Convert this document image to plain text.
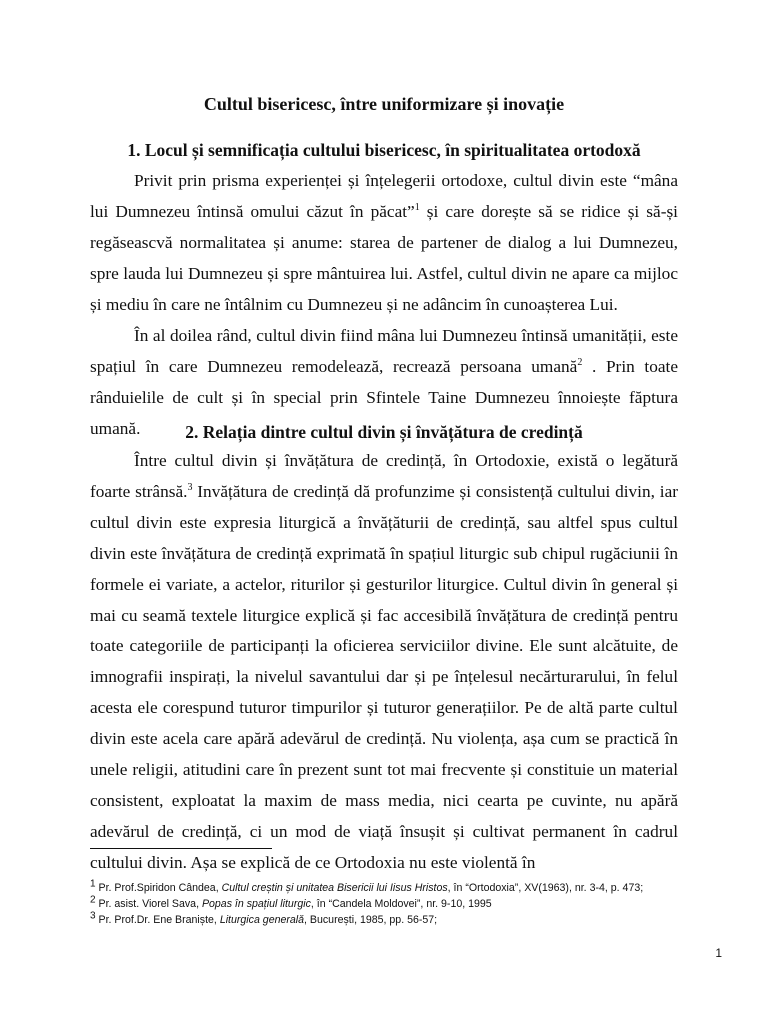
Cultul bisericesc, între uniformizare și inovație
1. Locul și semnificația cultului bisericesc, în spiritualitatea ortodoxă

Privit prin prisma experienței și înțelegerii ortodoxe, cultul divin este “mâna lui Dumnezeu întinsă omului căzut în păcat”$^1$ și care dorește să se ridice și să-și regăseascvă normalitatea și anume: starea de partener de dialog a lui Dumnezeu, spre lauda lui Dumnezeu și spre mântuirea lui. Astfel, cultul divin ne apare ca mijloc și mediu în care ne întâlnim cu Dumnezeu și ne adâncim în cunoașterea Lui.

În al doilea rând, cultul divin fiind mâna lui Dumnezeu întinsă umanității, este spațiul în care Dumnezeu remodelează, recrează persoana umană$^2$ . Prin toate rânduielile de cult și în special prin Sfintele Taine Dumnezeu înnoiește făptura umană.	2. Relația dintre cultul divin și învățătura de credință

Între cultul divin și învățătura de credință, în Ortodoxie, există o legătură foarte strânsă.$^3$ Invățătura de credință dă profunzime și consistență cultului divin, iar cultul divin este expresia liturgică a învățăturii de credință, sau altfel spus cultul divin este învățătura de credință exprimată în spațiul liturgic sub chipul rugăciunii în formele ei variate, a actelor, riturilor și gesturilor liturgice. Cultul divin în general și mai cu seamă textele liturgice explică și fac accesibilă învățătura de credință pentru toate categoriile de participanți la oficierea serviciilor divine. Ele sunt alcătuite, de imnografii inspirați, la nivelul savantului dar și pe înțelesul necărturarului, în felul acesta ele corespund tuturor timpurilor și tuturor generațiilor. Pe de altă parte cultul divin este acela care apără adevărul de credință. Nu violența, așa cum se practică în unele religii, atitudini care în prezent sunt tot mai frecvente și constituie un material consistent, exploatat la maxim de mass media, nici cearta pe cuvinte, nu apără adevărul de credință, ci un mod de viață însușit și cultivat permanent în cadrul cultului divin. Așa se explică de ce Ortodoxia nu este violentă în

$^1$ Pr. Prof.Spiridon Cândea, Cultul creștin și unitatea Bisericii lui Iisus Hristos, în “Ortodoxia”, XV(1963), nr. 3-4, p. 473;
$^2$ Pr. asist. Viorel Sava, Popas în spațiul liturgic, în “Candela Moldovei”, nr. 9-10, 1995
$^3$ Pr. Prof.Dr. Ene Braniște, Liturgica generală, București, 1985, pp. 56-57;
1
